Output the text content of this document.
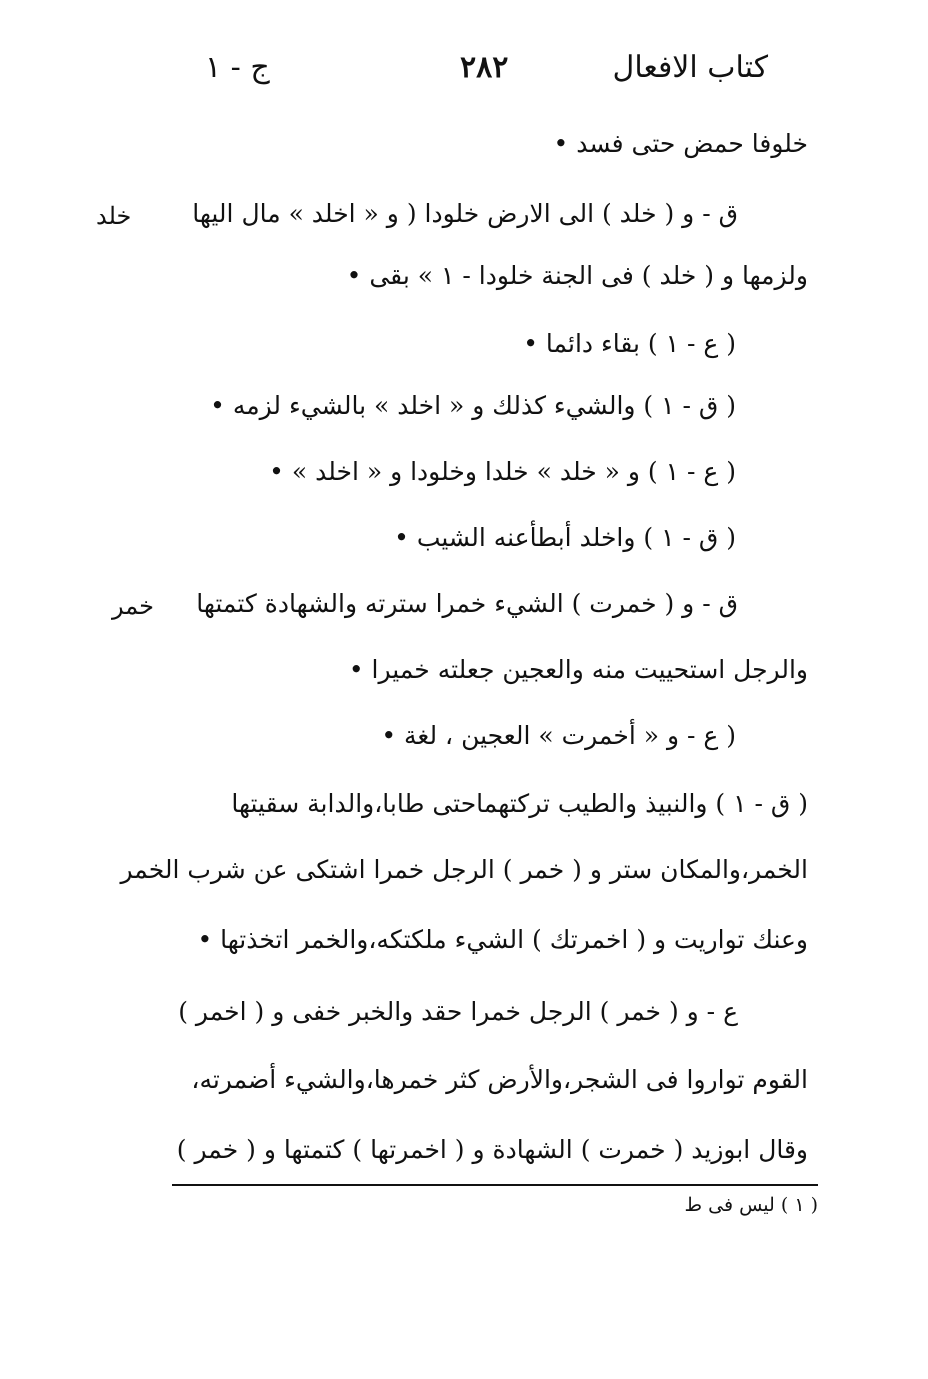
كتاب الافعال
٢٨٢
ج - ١
خلد
خمر
خلوفا حمض حتى فسد •
ق - و ( خلد ) الى الارض خلودا ( و « اخلد » مال اليها
ولزمها و ( خلد ) فى الجنة خلودا - ١ » بقى •
( ع - ١ ) بقاء دائما •
( ق - ١ ) والشيء كذلك و « اخلد » بالشيء لزمه •
( ع - ١ ) و « خلد » خلدا وخلودا و « اخلد » •
( ق - ١ ) واخلد أبطأعنه الشيب •
ق - و ( خمرت ) الشيء خمرا سترته والشهادة كتمتها
والرجل استحييت منه والعجين جعلته خميرا •
( ع - و « أخمرت » العجين ، لغة •
( ق - ١ ) والنبيذ والطيب تركتهماحتى طابا،والدابة سقيتها
الخمر،والمكان ستر و ( خمر ) الرجل خمرا اشتكى عن شرب الخمر
وعنك تواريت و ( اخمرتك ) الشيء ملكتكه،والخمر اتخذتها •
ع - و ( خمر ) الرجل خمرا حقد والخبر خفى و ( اخمر )
القوم تواروا فى الشجر،والأرض كثر خمرها،والشيء أضمرته،
وقال ابوزيد ( خمرت ) الشهادة و ( اخمرتها ) كتمتها و ( خمر )
( ١ ) ليس فى ط
